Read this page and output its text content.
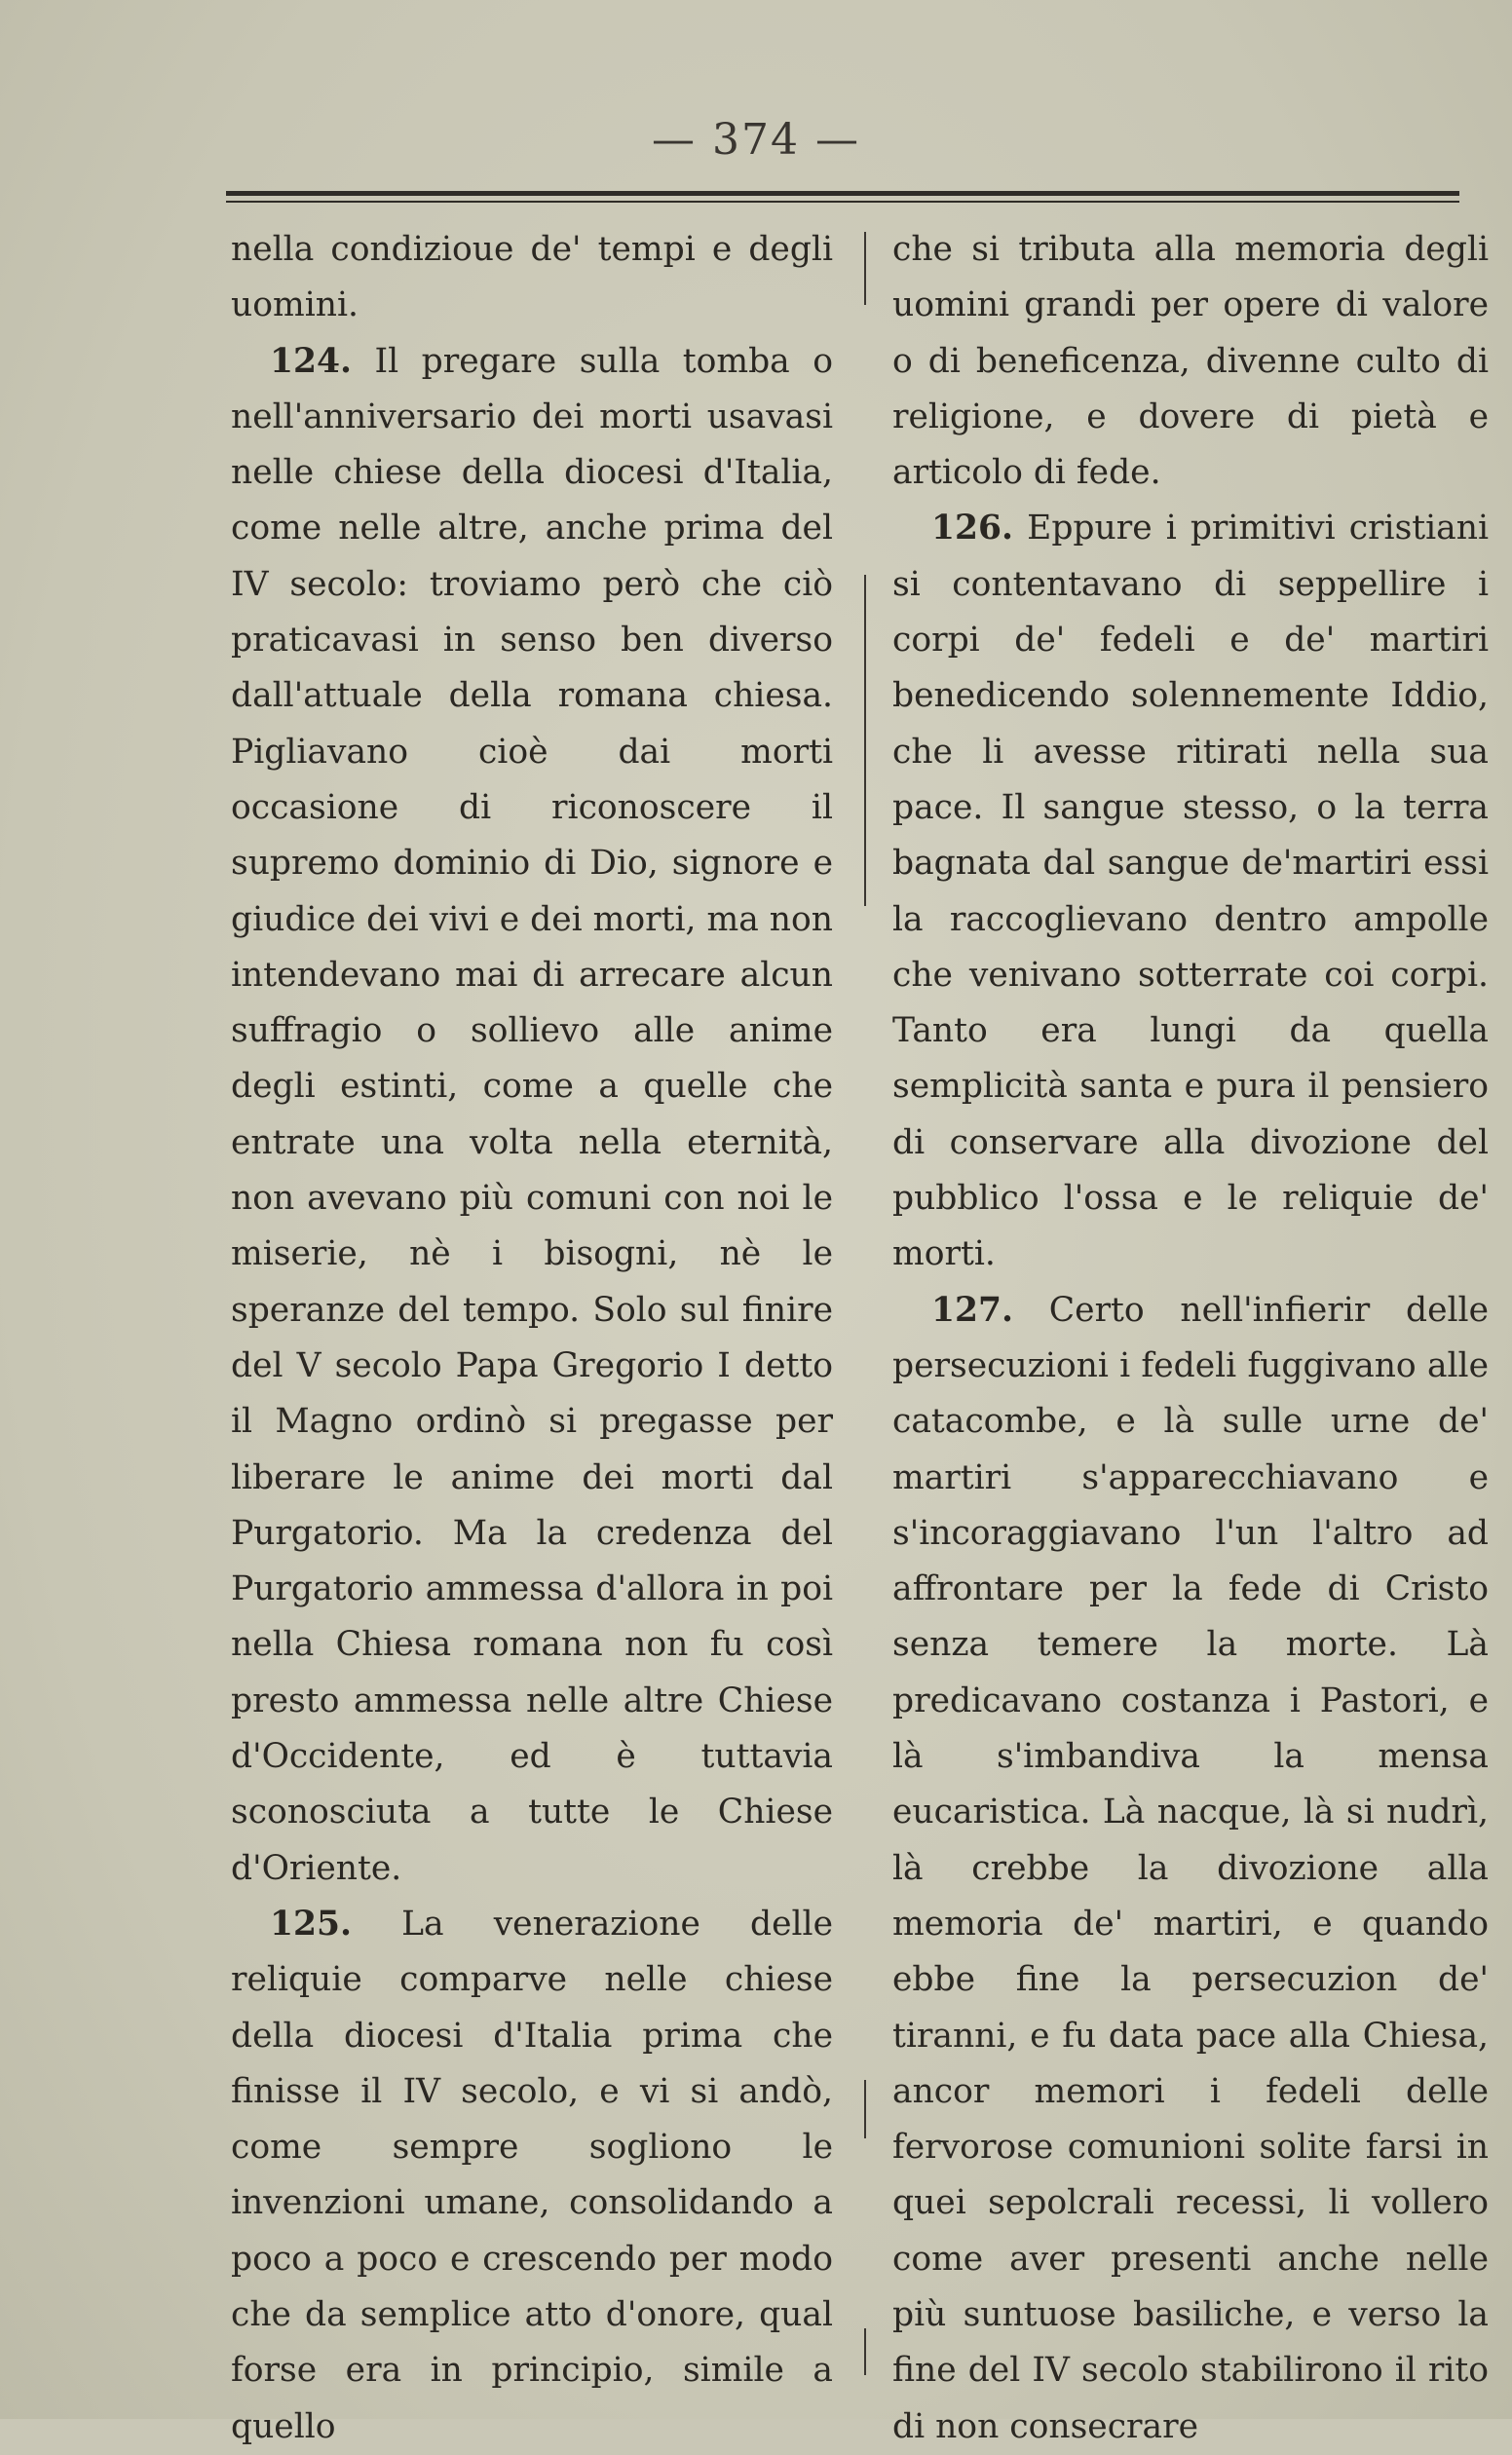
— 374 —

nella condizioue de' tempi e degli uomini.

124. Il pregare sulla tomba o nell'anniversario dei morti usavasi nelle chiese della diocesi d'Italia, come nelle altre, anche prima del IV secolo: troviamo però che ciò praticavasi in senso ben diverso dall'attuale della romana chiesa. Pigliavano cioè dai morti occasione di riconoscere il supremo dominio di Dio, signore e giudice dei vivi e dei morti, ma non intendevano mai di arrecare alcun suffragio o sollievo alle anime degli estinti, come a quelle che entrate una volta nella eternità, non avevano più comuni con noi le miserie, nè i bisogni, nè le speranze del tempo. Solo sul finire del V secolo Papa Gregorio I detto il Magno ordinò si pregasse per liberare le anime dei morti dal Purgatorio. Ma la credenza del Purgatorio ammessa d'allora in poi nella Chiesa romana non fu così presto ammessa nelle altre Chiese d'Occidente, ed è tuttavia sconosciuta a tutte le Chiese d'Oriente.

125. La venerazione delle reliquie comparve nelle chiese della diocesi d'Italia prima che finisse il IV secolo, e vi si andò, come sempre sogliono le invenzioni umane, consolidando a poco a poco e crescendo per modo che da semplice atto d'onore, qual forse era in principio, simile a quello

che si tributa alla memoria degli uomini grandi per opere di valore o di beneficenza, divenne culto di religione, e dovere di pietà e articolo di fede.

126. Eppure i primitivi cristiani si contentavano di seppellire i corpi de' fedeli e de' martiri benedicendo solennemente Iddio, che li avesse ritirati nella sua pace. Il sangue stesso, o la terra bagnata dal sangue de'martiri essi la raccoglievano dentro ampolle che venivano sotterrate coi corpi. Tanto era lungi da quella semplicità santa e pura il pensiero di conservare alla divozione del pubblico l'ossa e le reliquie de' morti.

127. Certo nell'infierir delle persecuzioni i fedeli fuggivano alle catacombe, e là sulle urne de' martiri s'apparecchiavano e s'incoraggiavano l'un l'altro ad affrontare per la fede di Cristo senza temere la morte. Là predicavano costanza i Pastori, e là s'imbandiva la mensa eucaristica. Là nacque, là si nudrì, là crebbe la divozione alla memoria de' martiri, e quando ebbe fine la persecuzion de' tiranni, e fu data pace alla Chiesa, ancor memori i fedeli delle fervorose comunioni solite farsi in quei sepolcrali recessi, li vollero come aver presenti anche nelle più suntuose basiliche, e verso la fine del IV secolo stabilirono il rito di non consecrare
